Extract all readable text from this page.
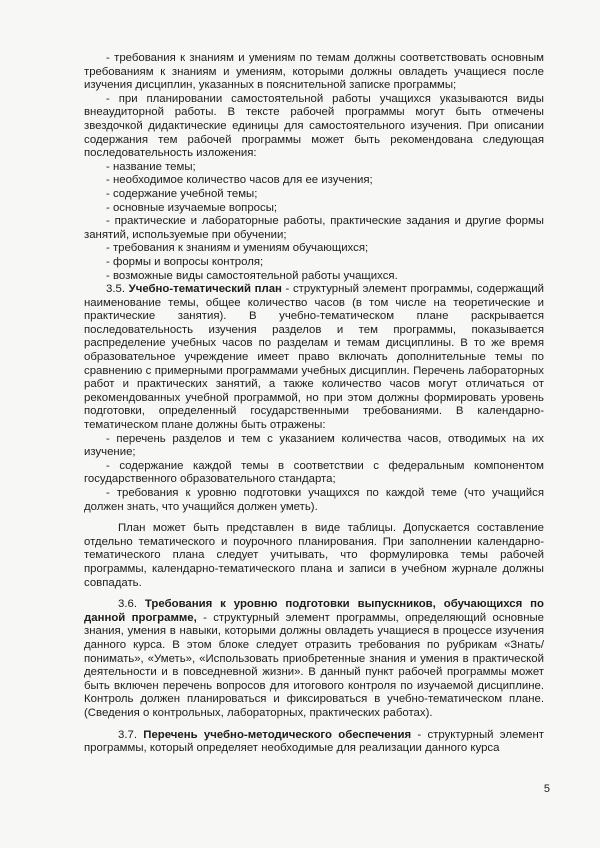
- требования к знаниям и умениям по темам должны соответствовать основным требованиям к знаниям и умениям, которыми должны овладеть учащиеся после изучения дисциплин, указанных в пояснительной записке программы;

- при планировании самостоятельной работы учащихся указываются виды внеаудиторной работы. В тексте рабочей программы могут быть отмечены звездочкой дидактические единицы для самостоятельного изучения. При описании содержания тем рабочей программы может быть рекомендована следующая последовательность изложения:

- название темы;

- необходимое количество часов для ее изучения;

- содержание учебной темы;

- основные изучаемые вопросы;

- практические и лабораторные работы, практические задания и другие формы занятий, используемые при обучении;

- требования к знаниям и умениям обучающихся;

- формы и вопросы контроля;

- возможные виды самостоятельной работы учащихся.

3.5. Учебно-тематический план - структурный элемент программы, содержащий наименование темы, общее количество часов (в том числе на теоретические и практические занятия). В учебно-тематическом плане раскрывается последовательность изучения разделов и тем программы, показывается распределение учебных часов по разделам и темам дисциплины. В то же время образовательное учреждение имеет право включать дополнительные темы по сравнению с примерными программами учебных дисциплин. Перечень лабораторных работ и практических занятий, а также количество часов могут отличаться от рекомендованных учебной программой, но при этом должны формировать уровень подготовки, определенный государственными требованиями. В календарно-тематическом плане должны быть отражены:

- перечень разделов и тем с указанием количества часов, отводимых на их изучение;

- содержание каждой темы в соответствии с федеральным компонентом государственного образовательного стандарта;

- требования к уровню подготовки учащихся по каждой теме (что учащийся должен знать, что учащийся должен уметь).

План может быть представлен в виде таблицы. Допускается составление отдельно тематического и поурочного планирования. При заполнении календарно-тематического плана следует учитывать, что формулировка темы рабочей программы, календарно-тематического плана и записи в учебном журнале должны совпадать.

3.6. Требования к уровню подготовки выпускников, обучающихся по данной программе, - структурный элемент программы, определяющий основные знания, умения в навыки, которыми должны овладеть учащиеся в процессе изучения данного курса. В этом блоке следует отразить требования по рубрикам «Знать/понимать», «Уметь», «Использовать приобретенные знания и умения в практической деятельности и в повседневной жизни». В данный пункт рабочей программы может быть включен перечень вопросов для итогового контроля по изучаемой дисциплине. Контроль должен планироваться и фиксироваться в учебно-тематическом плане. (Сведения о контрольных, лабораторных, практических работах).

3.7. Перечень учебно-методического обеспечения - структурный элемент программы, который определяет необходимые для реализации данного курса

5
